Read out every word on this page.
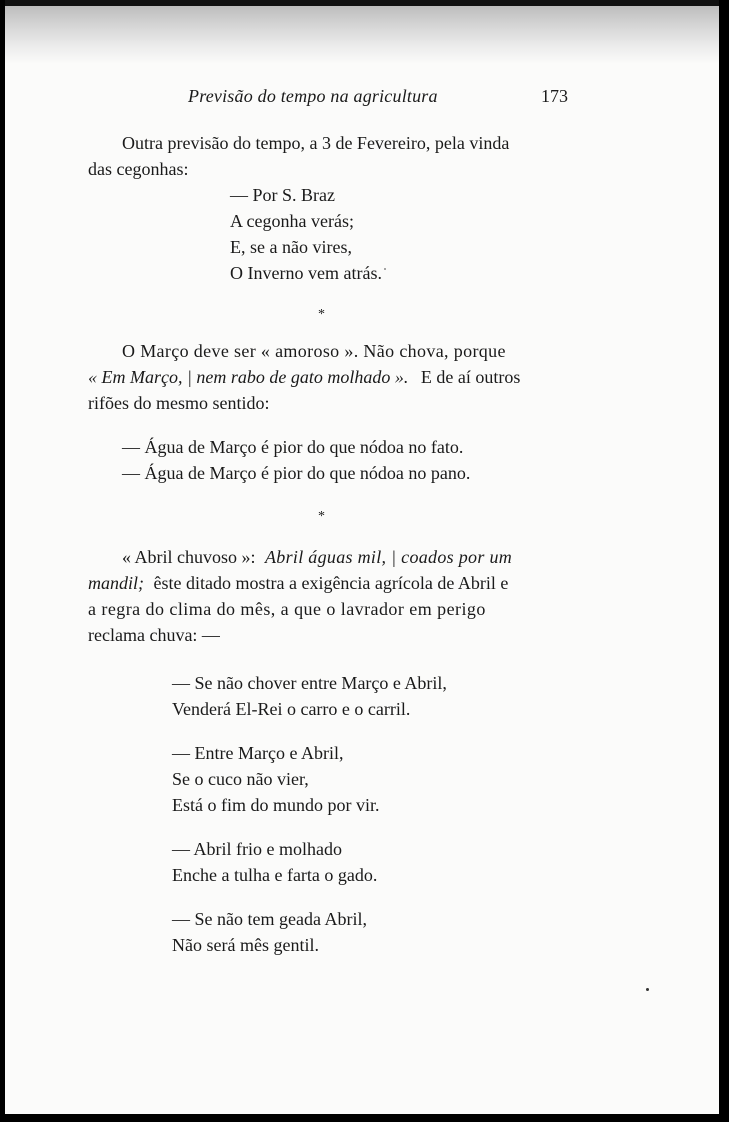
Previsão do tempo na agricultura	173
Outra previsão do tempo, a 3 de Fevereiro, pela vinda
das cegonhas:
— Por S. Braz
A cegonha verás;
E, se a não vires,
O Inverno vem atrás.
*
O Março deve ser « amoroso ». Não chova, porque
« Em Março, | nem rabo de gato molhado ». E de aí outros
rifões do mesmo sentido:
— Água de Março é pior do que nódoa no fato.
— Água de Março é pior do que nódoa no pano.
*
« Abril chuvoso »: Abril águas mil, | coados por um
mandil; êste ditado mostra a exigência agrícola de Abril e
a regra do clima do mês, a que o lavrador em perigo
reclama chuva: —
— Se não chover entre Março e Abril,
Venderá El-Rei o carro e o carril.
— Entre Março e Abril,
Se o cuco não vier,
Está o fim do mundo por vir.
— Abril frio e molhado
Enche a tulha e farta o gado.
— Se não tem geada Abril,
Não será mês gentil.
